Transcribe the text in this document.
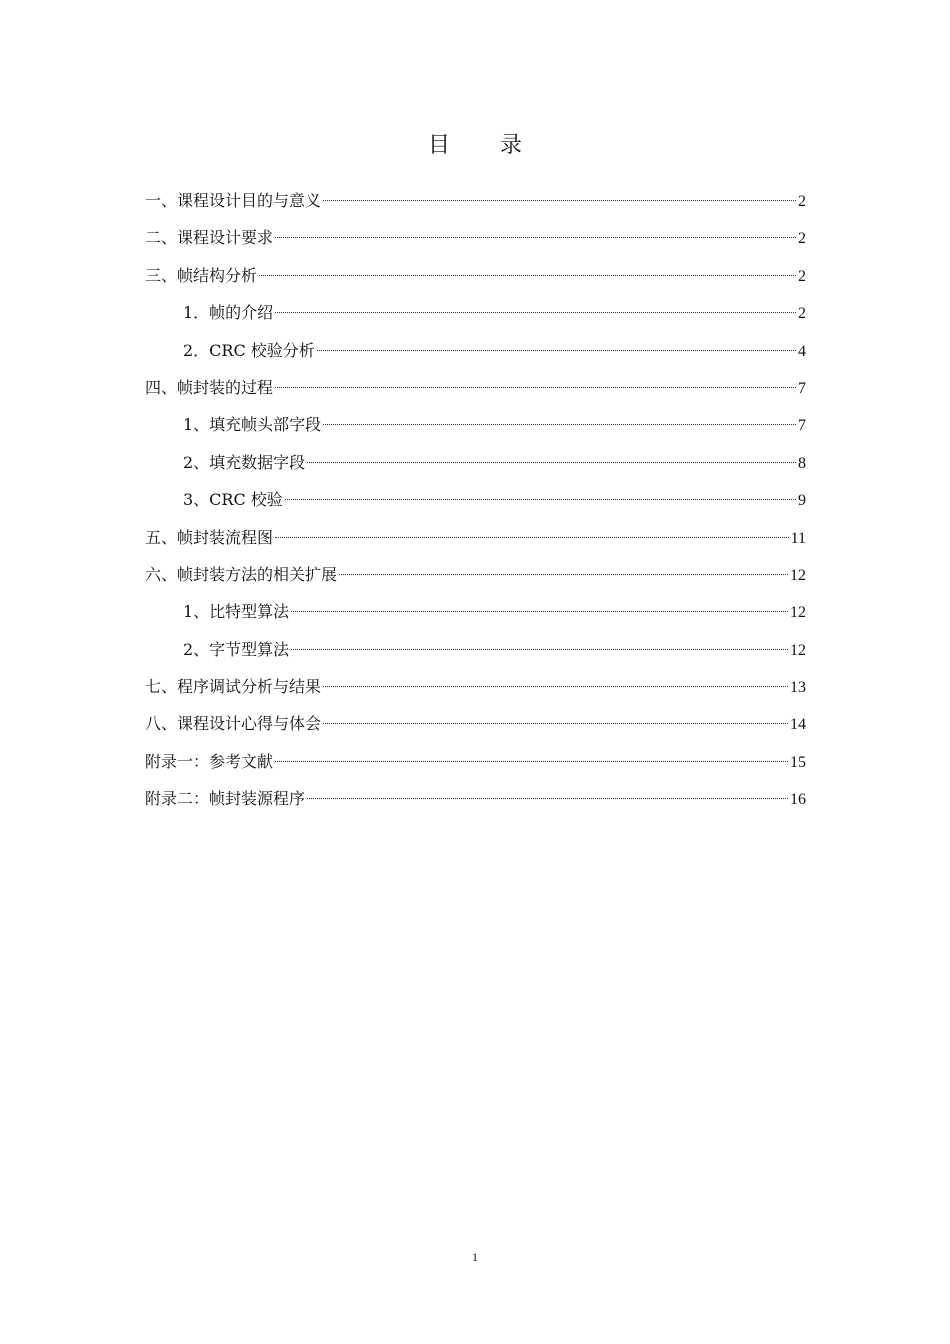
目 录
一、课程设计目的与意义	2
二、课程设计要求	2
三、帧结构分析	2
1．帧的介绍	2
2．CRC 校验分析	4
四、帧封装的过程	7
1、填充帧头部字段	7
2、填充数据字段	8
3、CRC 校验	9
五、帧封装流程图	11
六、帧封装方法的相关扩展	12
1、比特型算法	12
2、字节型算法	12
七、程序调试分析与结果	13
八、课程设计心得与体会	14
附录一：参考文献	15
附录二：帧封装源程序	16
1
